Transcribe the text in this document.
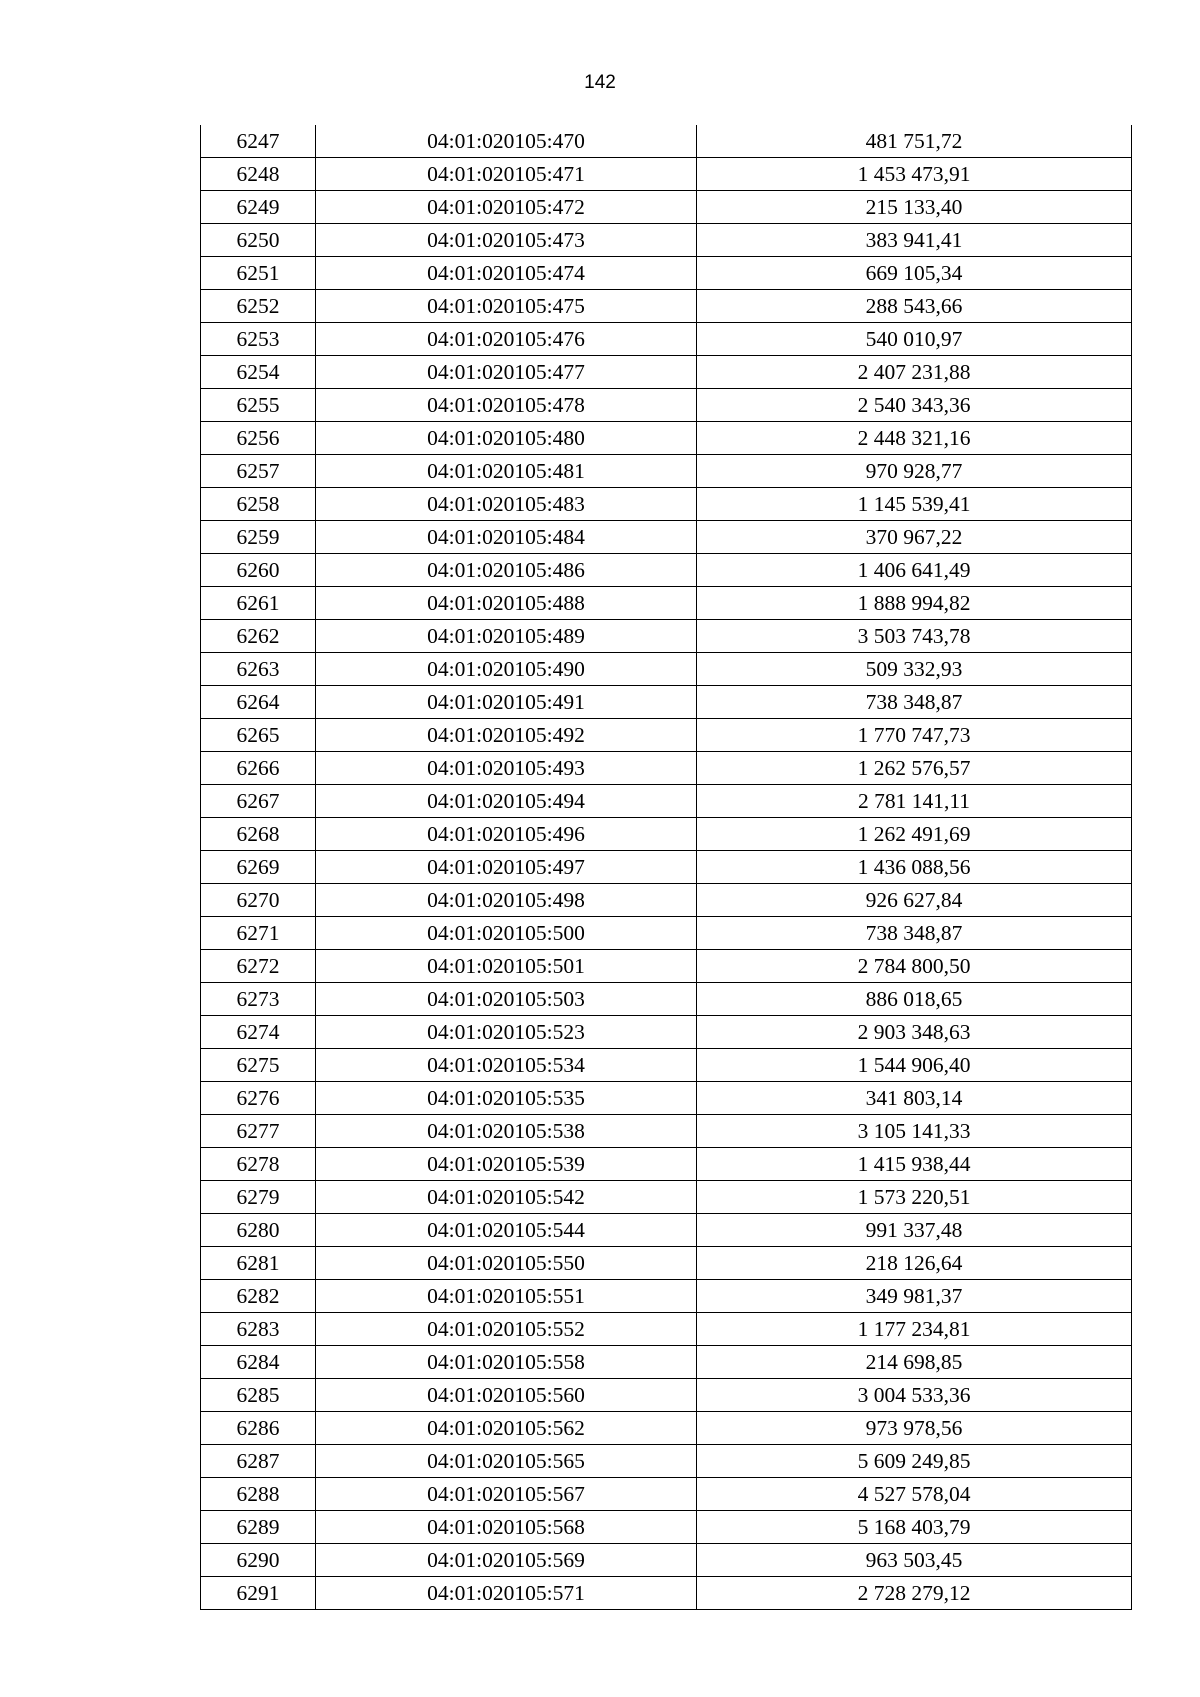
142
6247	04:01:020105:470	481 751,72
6248	04:01:020105:471	1 453 473,91
6249	04:01:020105:472	215 133,40
6250	04:01:020105:473	383 941,41
6251	04:01:020105:474	669 105,34
6252	04:01:020105:475	288 543,66
6253	04:01:020105:476	540 010,97
6254	04:01:020105:477	2 407 231,88
6255	04:01:020105:478	2 540 343,36
6256	04:01:020105:480	2 448 321,16
6257	04:01:020105:481	970 928,77
6258	04:01:020105:483	1 145 539,41
6259	04:01:020105:484	370 967,22
6260	04:01:020105:486	1 406 641,49
6261	04:01:020105:488	1 888 994,82
6262	04:01:020105:489	3 503 743,78
6263	04:01:020105:490	509 332,93
6264	04:01:020105:491	738 348,87
6265	04:01:020105:492	1 770 747,73
6266	04:01:020105:493	1 262 576,57
6267	04:01:020105:494	2 781 141,11
6268	04:01:020105:496	1 262 491,69
6269	04:01:020105:497	1 436 088,56
6270	04:01:020105:498	926 627,84
6271	04:01:020105:500	738 348,87
6272	04:01:020105:501	2 784 800,50
6273	04:01:020105:503	886 018,65
6274	04:01:020105:523	2 903 348,63
6275	04:01:020105:534	1 544 906,40
6276	04:01:020105:535	341 803,14
6277	04:01:020105:538	3 105 141,33
6278	04:01:020105:539	1 415 938,44
6279	04:01:020105:542	1 573 220,51
6280	04:01:020105:544	991 337,48
6281	04:01:020105:550	218 126,64
6282	04:01:020105:551	349 981,37
6283	04:01:020105:552	1 177 234,81
6284	04:01:020105:558	214 698,85
6285	04:01:020105:560	3 004 533,36
6286	04:01:020105:562	973 978,56
6287	04:01:020105:565	5 609 249,85
6288	04:01:020105:567	4 527 578,04
6289	04:01:020105:568	5 168 403,79
6290	04:01:020105:569	963 503,45
6291	04:01:020105:571	2 728 279,12
